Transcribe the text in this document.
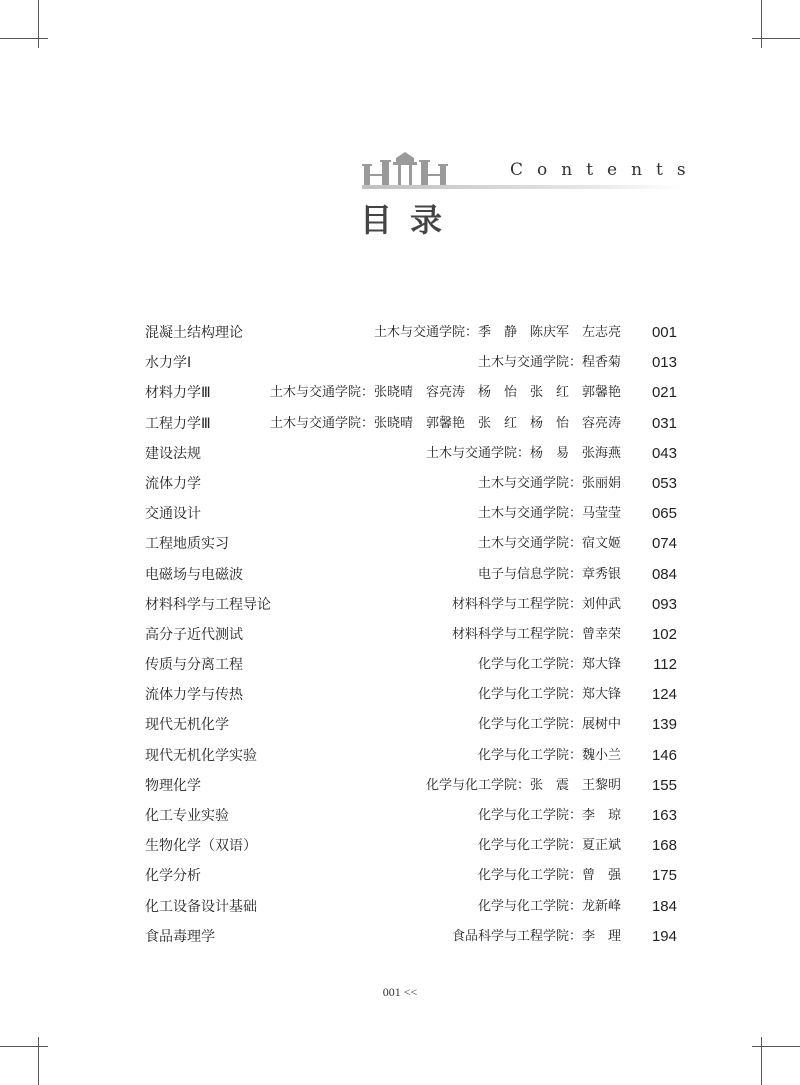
Contents
目录
混凝土结构理论	土木与交通学院：季　静　陈庆军　左志亮 001
水力学Ⅰ	土木与交通学院：程香菊 013
材料力学Ⅲ	土木与交通学院：张晓晴　容亮涛　杨　怡　张　红　郭馨艳 021
工程力学Ⅲ	土木与交通学院：张晓晴　郭馨艳　张　红　杨　怡　容亮涛 031
建设法规	土木与交通学院：杨　易　张海燕 043
流体力学	土木与交通学院：张丽娟 053
交通设计	土木与交通学院：马莹莹 065
工程地质实习	土木与交通学院：宿文姬 074
电磁场与电磁波	电子与信息学院：章秀银 084
材料科学与工程导论	材料科学与工程学院：刘仲武 093
高分子近代测试	材料科学与工程学院：曾幸荣 102
传质与分离工程	化学与化工学院：郑大锋 112
流体力学与传热	化学与化工学院：郑大锋 124
现代无机化学	化学与化工学院：展树中 139
现代无机化学实验	化学与化工学院：魏小兰 146
物理化学	化学与化工学院：张　震　王黎明 155
化工专业实验	化学与化工学院：李　琼 163
生物化学（双语）	化学与化工学院：夏正斌 168
化学分析	化学与化工学院：曾　强 175
化工设备设计基础	化学与化工学院：龙新峰 184
食品毒理学	食品科学与工程学院：李　理 194
001 <<
